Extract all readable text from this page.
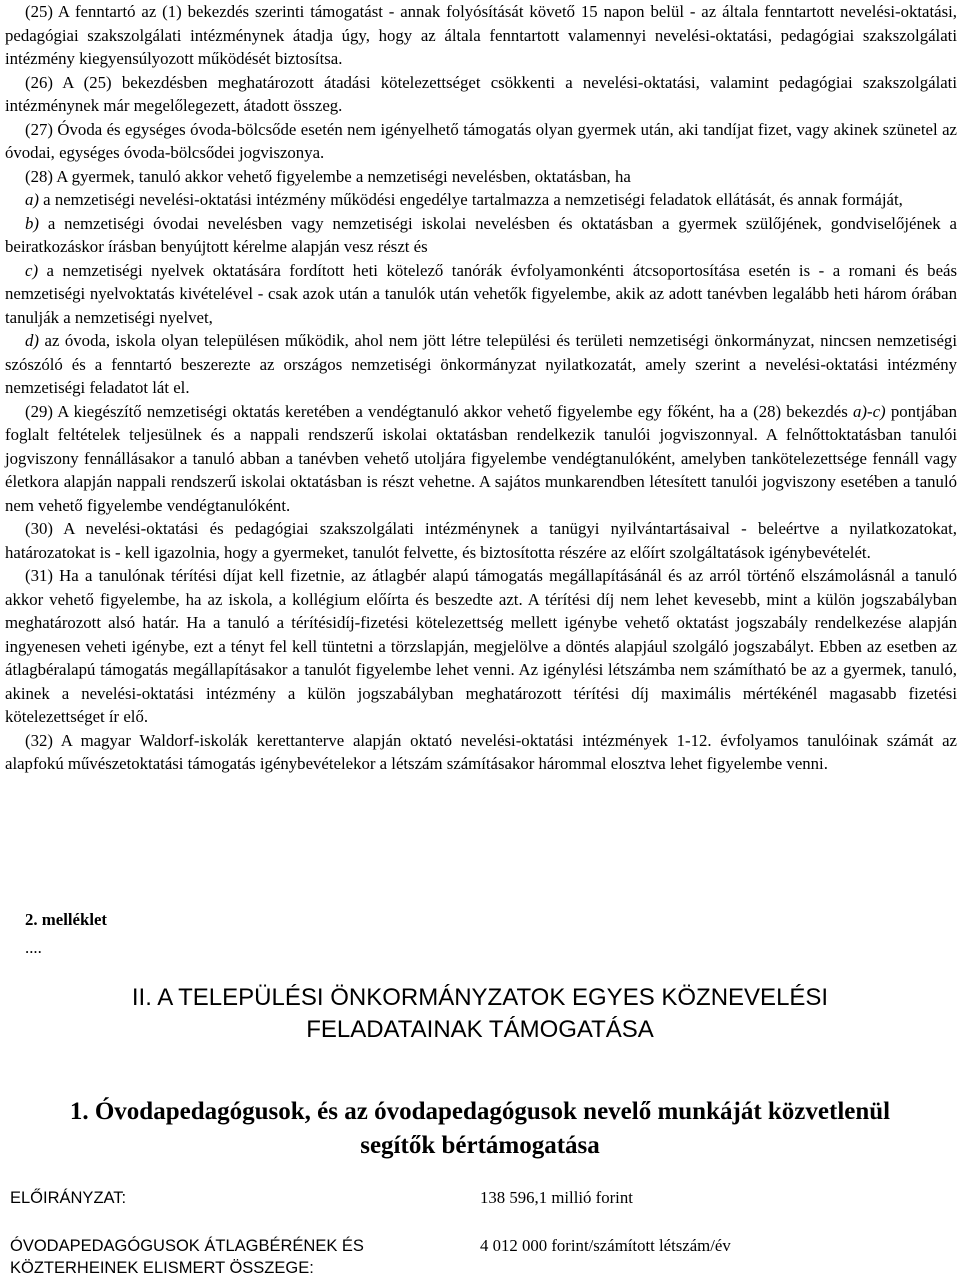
(25) A fenntartó az (1) bekezdés szerinti támogatást - annak folyósítását követő 15 napon belül - az általa fenntartott nevelési-oktatási, pedagógiai szakszolgálati intézménynek átadja úgy, hogy az általa fenntartott valamennyi nevelési-oktatási, pedagógiai szakszolgálati intézmény kiegyensúlyozott működését biztosítsa.

(26) A (25) bekezdésben meghatározott átadási kötelezettséget csökkenti a nevelési-oktatási, valamint pedagógiai szakszolgálati intézménynek már megelőlegezett, átadott összeg.

(27) Óvoda és egységes óvoda-bölcsőde esetén nem igényelhető támogatás olyan gyermek után, aki tandíjat fizet, vagy akinek szünetel az óvodai, egységes óvoda-bölcsődei jogviszonya.

(28) A gyermek, tanuló akkor vehető figyelembe a nemzetiségi nevelésben, oktatásban, ha

a) a nemzetiségi nevelési-oktatási intézmény működési engedélye tartalmazza a nemzetiségi feladatok ellátását, és annak formáját,

b) a nemzetiségi óvodai nevelésben vagy nemzetiségi iskolai nevelésben és oktatásban a gyermek szülőjének, gondviselőjének a beiratkozáskor írásban benyújtott kérelme alapján vesz részt és

c) a nemzetiségi nyelvek oktatására fordított heti kötelező tanórák évfolyamonkénti átcsoportosítása esetén is - a romani és beás nemzetiségi nyelvoktatás kivételével - csak azok után a tanulók után vehetők figyelembe, akik az adott tanévben legalább heti három órában tanulják a nemzetiségi nyelvet,

d) az óvoda, iskola olyan településen működik, ahol nem jött létre települési és területi nemzetiségi önkormányzat, nincsen nemzetiségi szószóló és a fenntartó beszerezte az országos nemzetiségi önkormányzat nyilatkozatát, amely szerint a nevelési-oktatási intézmény nemzetiségi feladatot lát el.

(29) A kiegészítő nemzetiségi oktatás keretében a vendégtanuló akkor vehető figyelembe egy főként, ha a (28) bekezdés a)-c) pontjában foglalt feltételek teljesülnek és a nappali rendszerű iskolai oktatásban rendelkezik tanulói jogviszonnyal. A felnőttoktatásban tanulói jogviszony fennállásakor a tanuló abban a tanévben vehető utoljára figyelembe vendégtanulóként, amelyben tankötelezettsége fennáll vagy életkora alapján nappali rendszerű iskolai oktatásban is részt vehetne. A sajátos munkarendben létesített tanulói jogviszony esetében a tanuló nem vehető figyelembe vendégtanulóként.

(30) A nevelési-oktatási és pedagógiai szakszolgálati intézménynek a tanügyi nyilvántartásaival - beleértve a nyilatkozatokat, határozatokat is - kell igazolnia, hogy a gyermeket, tanulót felvette, és biztosította részére az előírt szolgáltatások igénybevételét.

(31) Ha a tanulónak térítési díjat kell fizetnie, az átlagbér alapú támogatás megállapításánál és az arról történő elszámolásnál a tanuló akkor vehető figyelembe, ha az iskola, a kollégium előírta és beszedte azt. A térítési díj nem lehet kevesebb, mint a külön jogszabályban meghatározott alsó határ. Ha a tanuló a térítésidíj-fizetési kötelezettség mellett igénybe vehető oktatást jogszabály rendelkezése alapján ingyenesen veheti igénybe, ezt a tényt fel kell tüntetni a törzslapján, megjelölve a döntés alapjául szolgáló jogszabályt. Ebben az esetben az átlagbéralapú támogatás megállapításakor a tanulót figyelembe lehet venni. Az igénylési létszámba nem számítható be az a gyermek, tanuló, akinek a nevelési-oktatási intézmény a külön jogszabályban meghatározott térítési díj maximális mértékénél magasabb fizetési kötelezettséget ír elő.

(32) A magyar Waldorf-iskolák kerettanterve alapján oktató nevelési-oktatási intézmények 1-12. évfolyamos tanulóinak számát az alapfokú művészetoktatási támogatás igénybevételekor a létszám számításakor hárommal elosztva lehet figyelembe venni.

2. melléklet

....

II. A TELEPÜLÉSI ÖNKORMÁNYZATOK EGYES KÖZNEVELÉSI
FELADATAINAK TÁMOGATÁSA
1. Óvodapedagógusok, és az óvodapedagógusok nevelő munkáját közvetlenül
segítők bértámogatása

ELŐIRÁNYZAT:	138 596,1 millió forint

ÓVODAPEDAGÓGUSOK ÁTLAGBÉRÉNEK ÉS
KÖZTERHEINEK ELISMERT ÖSSZEGE:

4 012 000 forint/számított létszám/év
